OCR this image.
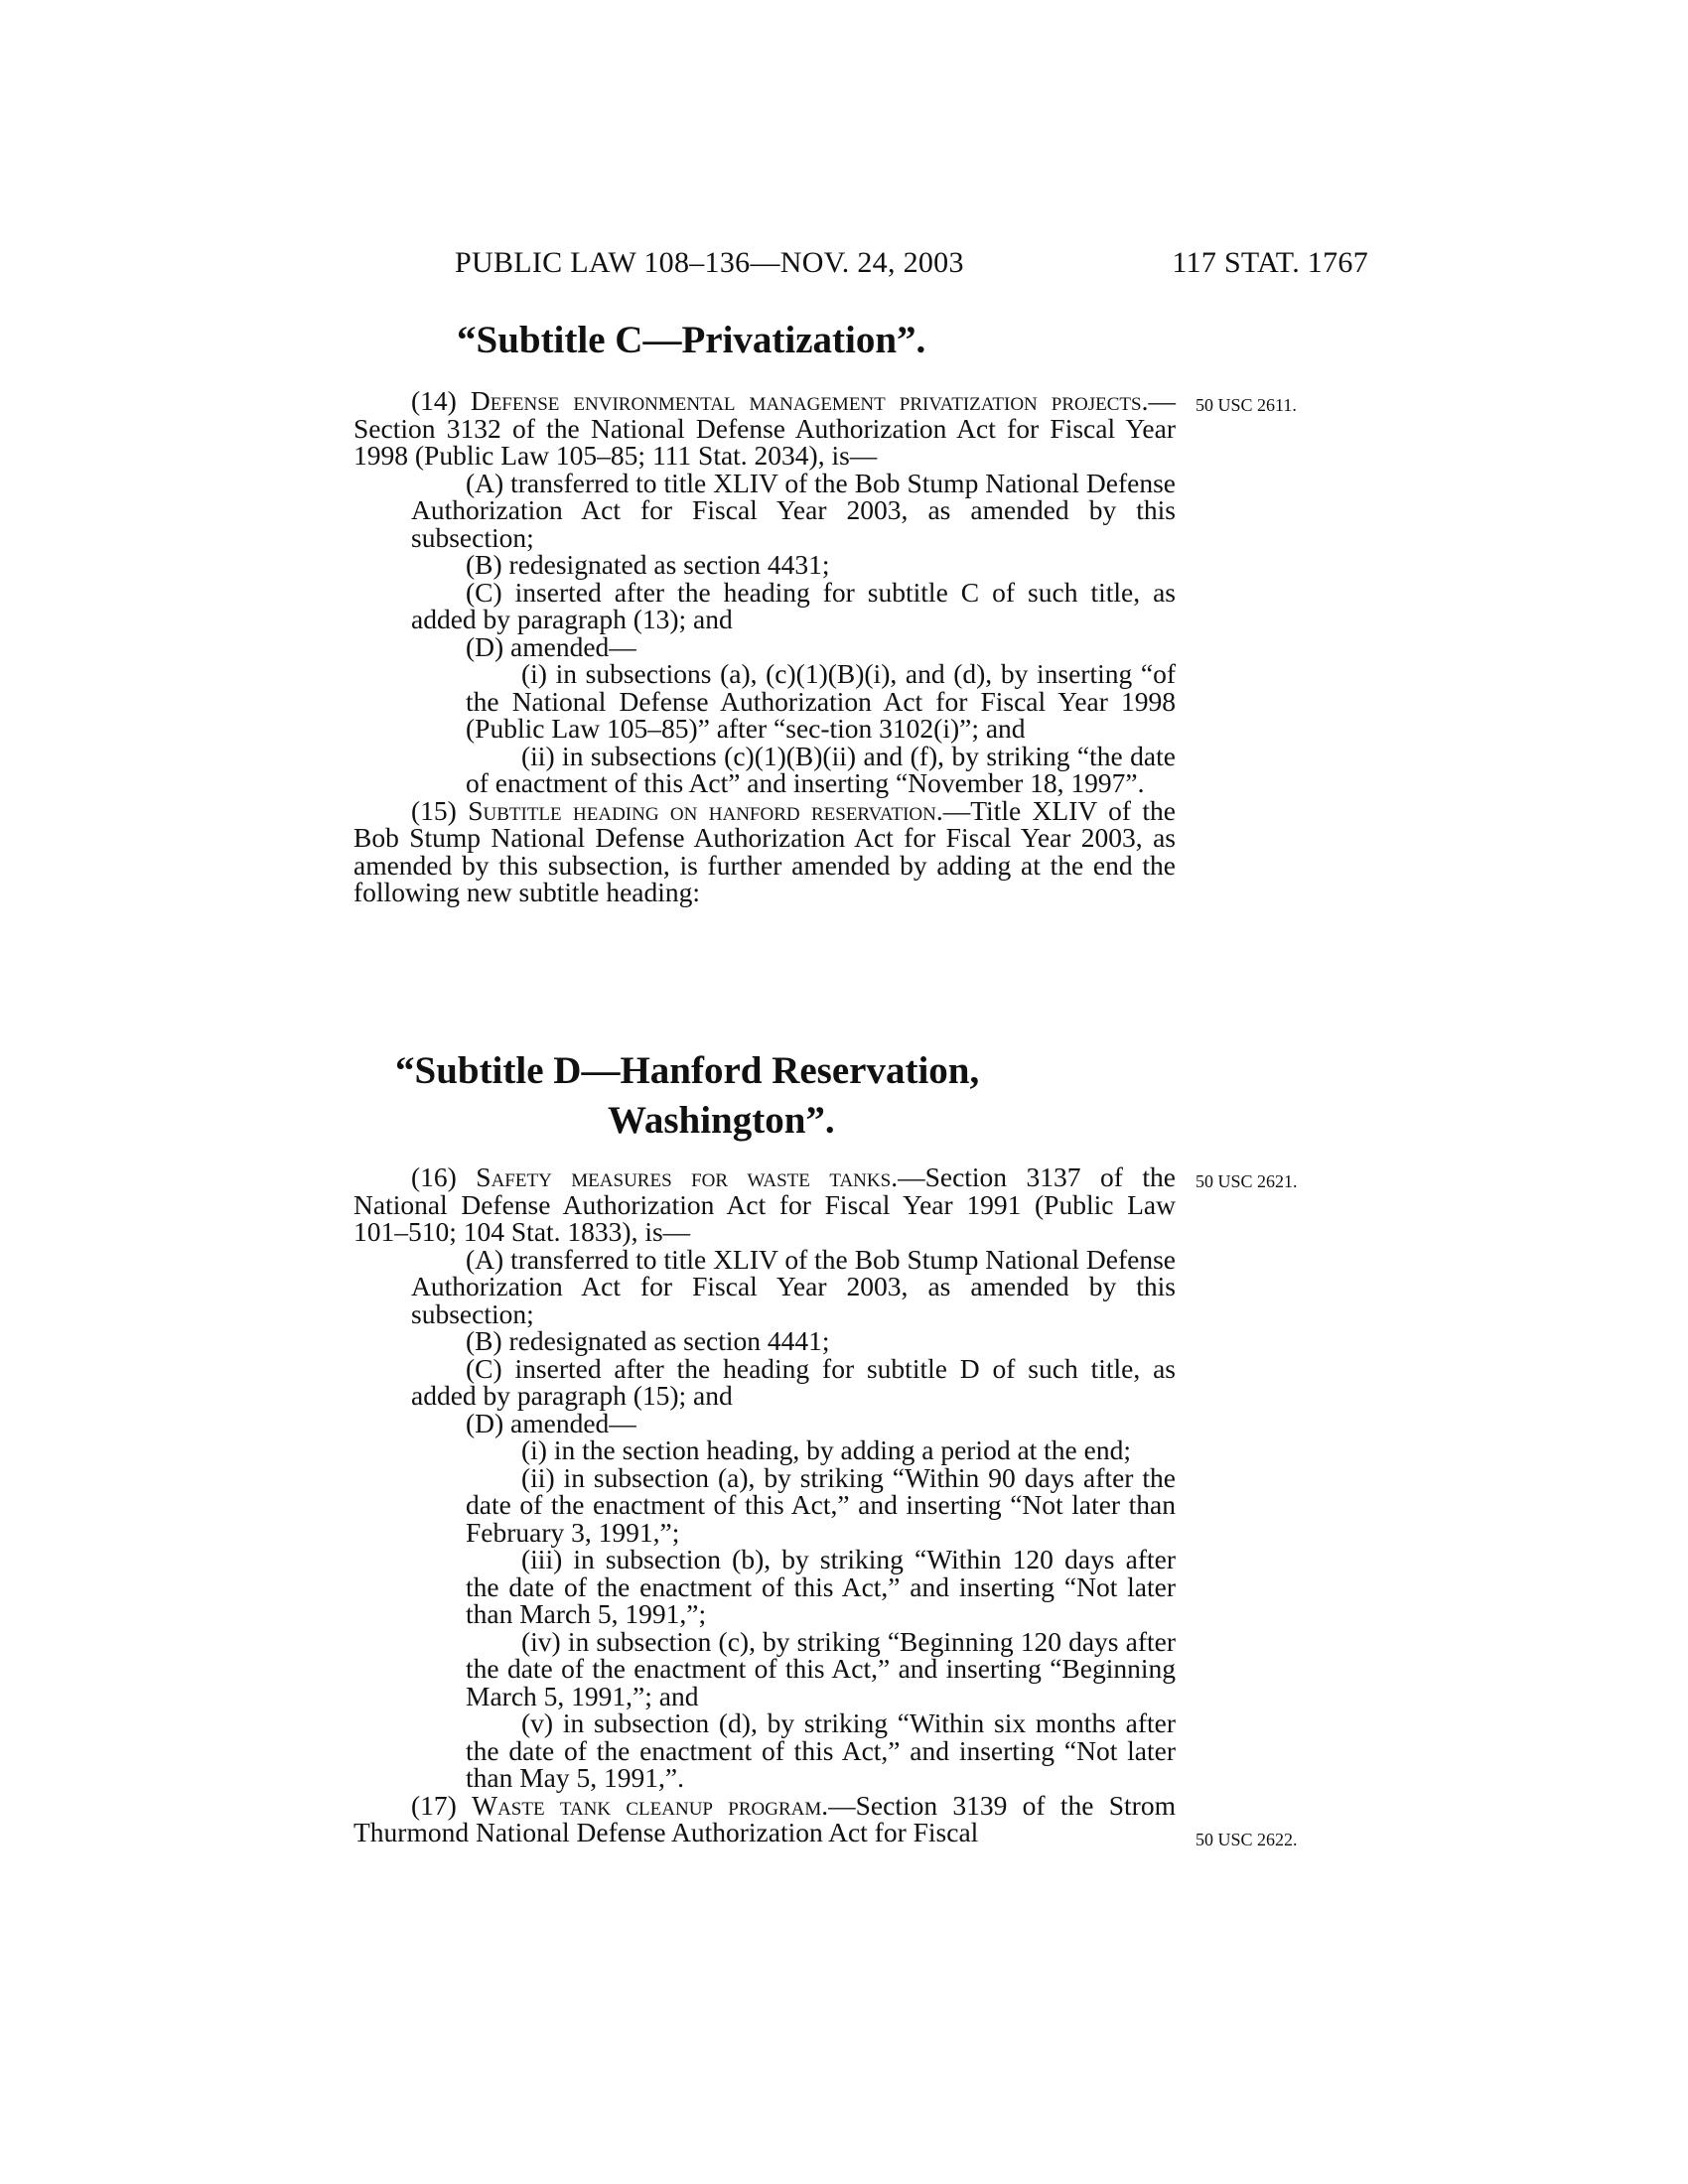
PUBLIC LAW 108–136—NOV. 24, 2003	117 STAT. 1767
“Subtitle C—Privatization”.
50 USC 2611.

(14) Defense environmental management privatization projects.—Section 3132 of the National Defense Authorization Act for Fiscal Year 1998 (Public Law 105–85; 111 Stat. 2034), is—

(A) transferred to title XLIV of the Bob Stump National Defense Authorization Act for Fiscal Year 2003, as amended by this subsection;

(B) redesignated as section 4431;

(C) inserted after the heading for subtitle C of such title, as added by paragraph (13); and

(D) amended—

(i) in subsections (a), (c)(1)(B)(i), and (d), by inserting “of the National Defense Authorization Act for Fiscal Year 1998 (Public Law 105–85)” after “sec-tion 3102(i)”; and

(ii) in subsections (c)(1)(B)(ii) and (f), by striking “the date of enactment of this Act” and inserting “November 18, 1997”.

(15) Subtitle heading on hanford reservation.—Title XLIV of the Bob Stump National Defense Authorization Act for Fiscal Year 2003, as amended by this subsection, is further amended by adding at the end the following new subtitle heading:

“Subtitle D—Hanford Reservation,
Washington”.
50 USC 2621.
50 USC 2622.

(16) Safety measures for waste tanks.—Section 3137 of the National Defense Authorization Act for Fiscal Year 1991 (Public Law 101–510; 104 Stat. 1833), is—

(A) transferred to title XLIV of the Bob Stump National Defense Authorization Act for Fiscal Year 2003, as amended by this subsection;

(B) redesignated as section 4441;

(C) inserted after the heading for subtitle D of such title, as added by paragraph (15); and

(D) amended—

(i) in the section heading, by adding a period at the end;

(ii) in subsection (a), by striking “Within 90 days after the date of the enactment of this Act,” and inserting “Not later than February 3, 1991,”;

(iii) in subsection (b), by striking “Within 120 days after the date of the enactment of this Act,” and inserting “Not later than March 5, 1991,”;

(iv) in subsection (c), by striking “Beginning 120 days after the date of the enactment of this Act,” and inserting “Beginning March 5, 1991,”; and

(v) in subsection (d), by striking “Within six months after the date of the enactment of this Act,” and inserting “Not later than May 5, 1991,”.

(17) Waste tank cleanup program.—Section 3139 of the Strom Thurmond National Defense Authorization Act for Fiscal
